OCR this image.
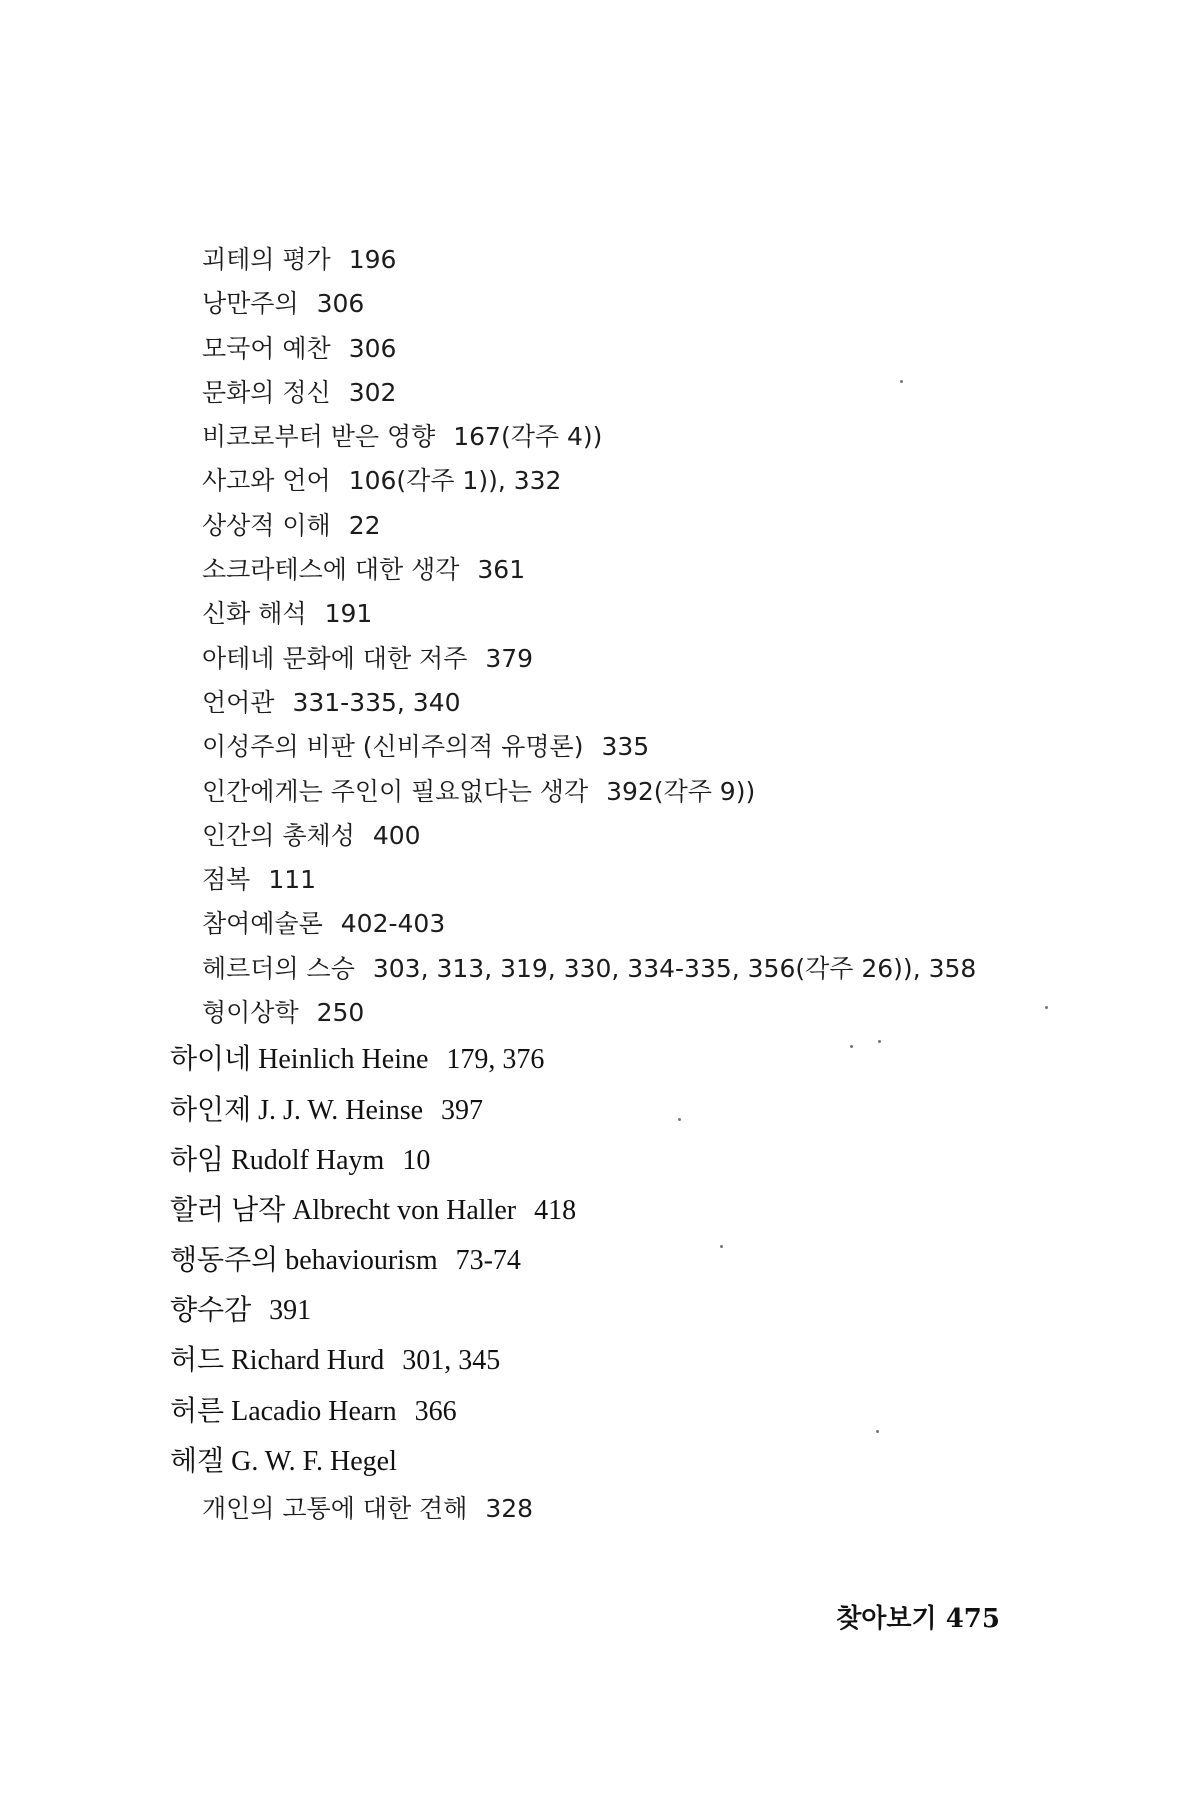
괴테의 평가 196
낭만주의 306
모국어 예찬 306
문화의 정신 302
비코로부터 받은 영향 167(각주 4))
사고와 언어 106(각주 1)), 332
상상적 이해 22
소크라테스에 대한 생각 361
신화 해석 191
아테네 문화에 대한 저주 379
언어관 331-335, 340
이성주의 비판 (신비주의적 유명론) 335
인간에게는 주인이 필요없다는 생각 392(각주 9))
인간의 총체성 400
점복 111
참여예술론 402-403
헤르더의 스승 303, 313, 319, 330, 334-335, 356(각주 26)), 358
형이상학 250
하이네 Heinlich Heine 179, 376
하인제 J. J. W. Heinse 397
하임 Rudolf Haym 10
할러 남작 Albrecht von Haller 418
행동주의 behaviourism 73-74
향수감 391
허드 Richard Hurd 301, 345
허른 Lacadio Hearn 366
헤겔 G. W. F. Hegel
개인의 고통에 대한 견해 328
찾아보기 475
